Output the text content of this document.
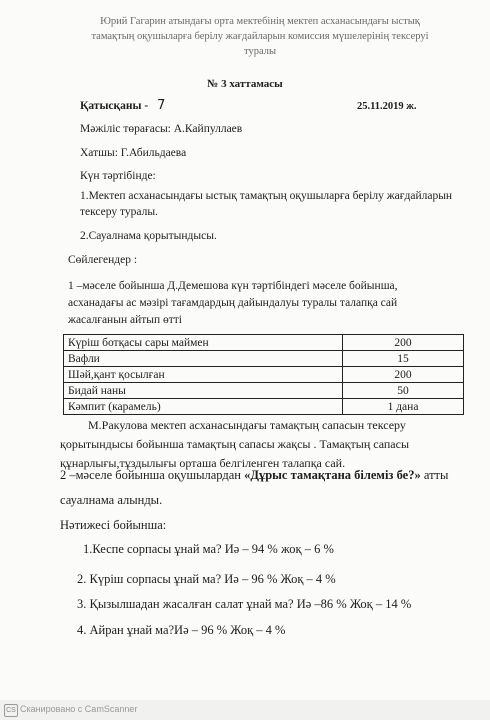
Юрий Гагарин атындағы орта мектебінің мектеп асханасындағы ыстық
тамақтың оқушыларға берілу жағдайларын комиссия мүшелерінің тексеруі
туралы
№ 3 хаттамасы
Қатысқаны - 7	25.11.2019 ж.
Мәжіліс төрағасы: А.Кайпуллаев
Хатшы: Г.Абильдаева
Күн тәртібінде:
1.Мектеп асханасындағы ыстық тамақтың оқушыларға берілу жағдайларын
тексеру туралы.
2.Сауалнама қорытындысы.
Сөйлегендер :
1 –мәселе бойынша Д.Демешова күн тәртібіндегі мәселе бойынша,
асханадағы ас мәзірі тағамдардың дайындалуы туралы талапқа сай
жасалғанын айтып өтті
Күріш ботқасы сары маймен	200
Вафли	15
Шәй,қант қосылған	200
Бидай наны	50
Кәмпит (карамель)	1 дана
М.Ракулова мектеп асханасындағы тамақтың сапасын тексеру
қорытындысы бойынша тамақтың сапасы жақсы . Тамақтың сапасы
құнарлығы,тұздылығы орташа белгіленген талапқа сай.
2 –мәселе бойынша оқушылардан «Дұрыс тамақтана білеміз бе?» атты
сауалнама алынды.
Нәтижесі бойынша:
1.Кеспе сорпасы ұнай ма? Иә – 94 % жоқ – 6 %
2. Күріш сорпасы ұнай ма? Иә – 96 % Жоқ – 4 %
3. Қызылшадан жасалған салат ұнай ма? Иә –86 % Жоқ – 14 %
4. Айран ұнай ма?Иә – 96 % Жоқ – 4 %
CS Сканировано с CamScanner
